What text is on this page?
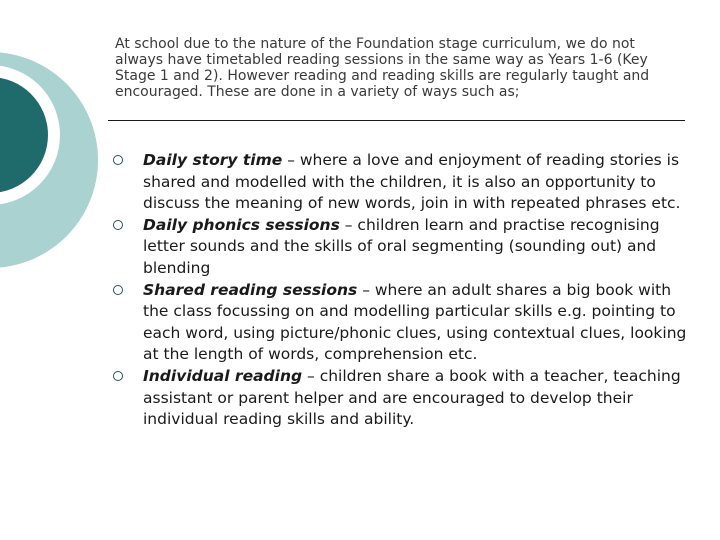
At school due to the nature of the Foundation stage curriculum, we do not always have timetabled reading sessions in the same way as Years 1-6 (Key Stage 1 and 2). However reading and reading skills are regularly taught and encouraged. These are done in a variety of ways such as;

Daily story time – where a love and enjoyment of reading stories is shared and modelled with the children, it is also an opportunity to discuss the meaning of new words, join in with repeated phrases etc.
Daily phonics sessions – children learn and practise recognising letter sounds and the skills of oral segmenting (sounding out) and blending
Shared reading sessions – where an adult shares a big book with the class focussing on and modelling particular skills e.g. pointing to each word, using picture/phonic clues, using contextual clues, looking at the length of words, comprehension etc.
Individual reading – children share a book with a teacher, teaching assistant or parent helper and are encouraged to develop their individual reading skills and ability.
